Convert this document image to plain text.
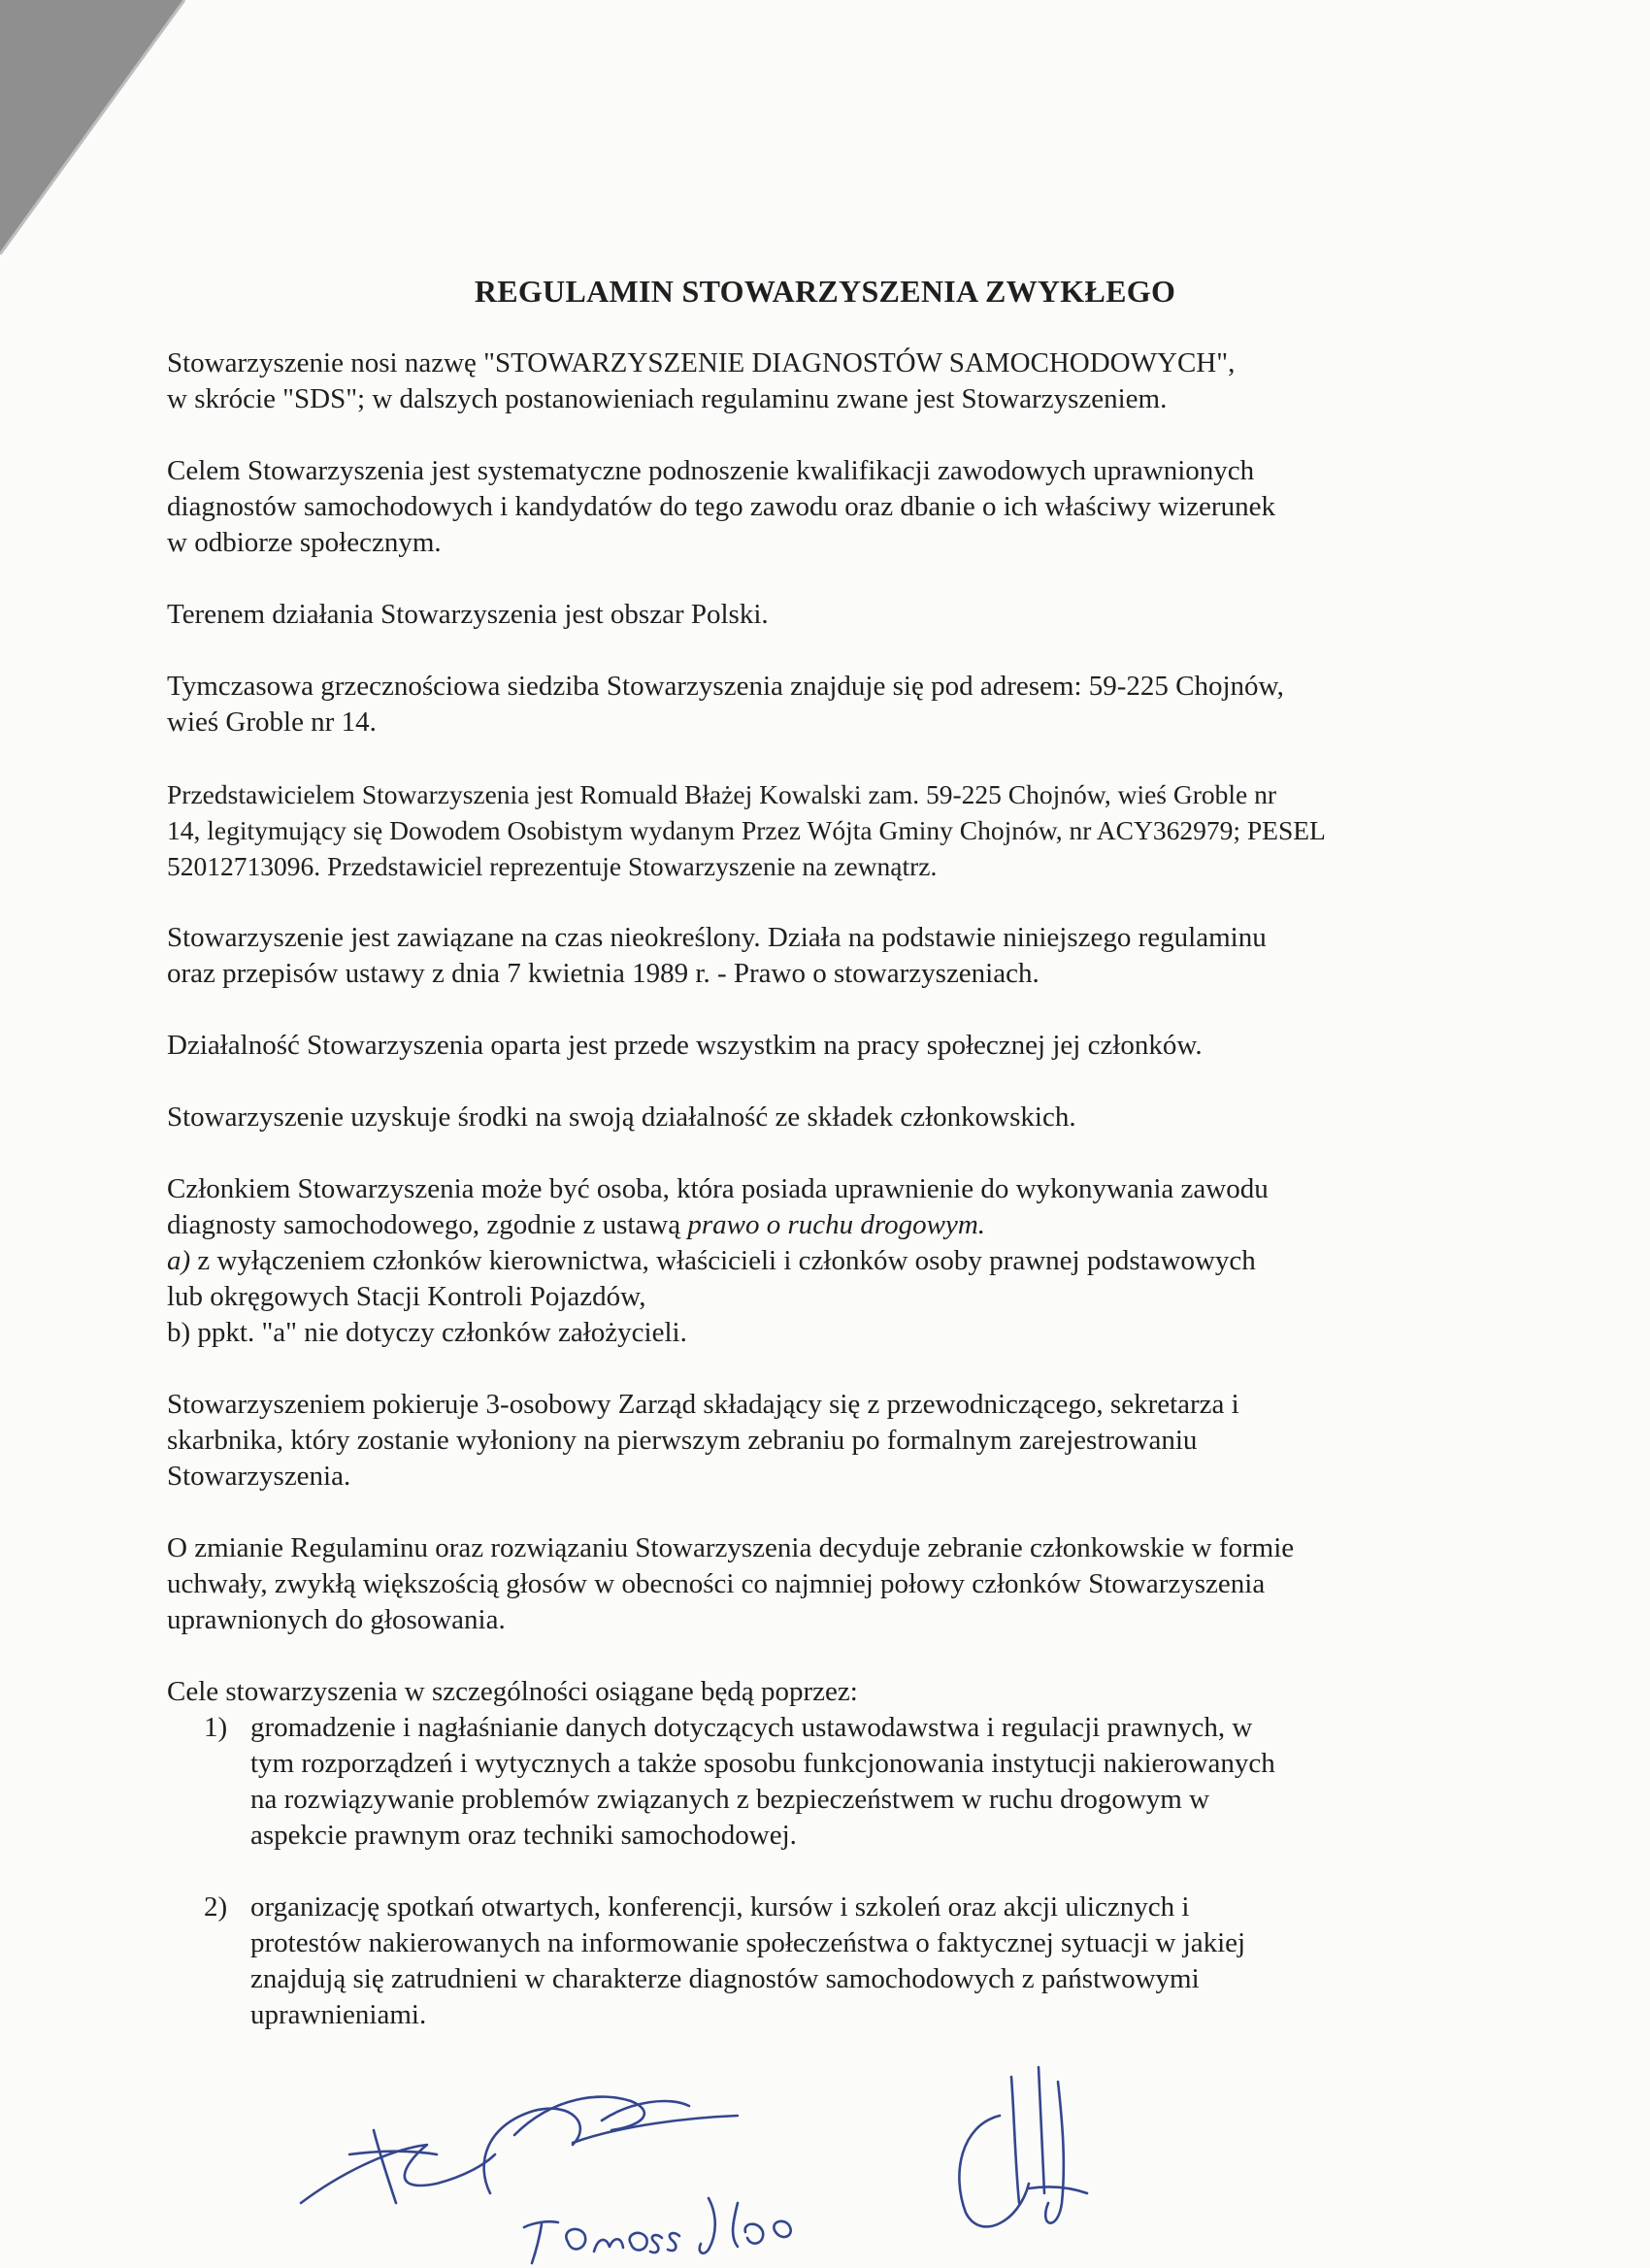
REGULAMIN STOWARZYSZENIA ZWYKŁEGO

Stowarzyszenie nosi nazwę "STOWARZYSZENIE DIAGNOSTÓW SAMOCHODOWYCH",
w skrócie "SDS"; w dalszych postanowieniach regulaminu zwane jest Stowarzyszeniem.

Celem Stowarzyszenia jest systematyczne podnoszenie kwalifikacji zawodowych uprawnionych
diagnostów samochodowych i kandydatów do tego zawodu oraz dbanie o ich właściwy wizerunek
w odbiorze społecznym.

Terenem działania Stowarzyszenia jest obszar Polski.

Tymczasowa grzecznościowa siedziba Stowarzyszenia znajduje się pod adresem: 59-225 Chojnów,
wieś Groble nr 14.

Przedstawicielem Stowarzyszenia jest Romuald Błażej Kowalski zam. 59-225 Chojnów, wieś Groble nr
14, legitymujący się Dowodem Osobistym wydanym Przez Wójta Gminy Chojnów, nr ACY362979; PESEL
52012713096. Przedstawiciel reprezentuje Stowarzyszenie na zewnątrz.

Stowarzyszenie jest zawiązane na czas nieokreślony. Działa na podstawie niniejszego regulaminu
oraz przepisów ustawy z dnia 7 kwietnia 1989 r. - Prawo o stowarzyszeniach.

Działalność Stowarzyszenia oparta jest przede wszystkim na pracy społecznej jej członków.

Stowarzyszenie uzyskuje środki na swoją działalność ze składek członkowskich.

Członkiem Stowarzyszenia może być osoba, która posiada uprawnienie do wykonywania zawodu
diagnosty samochodowego, zgodnie z ustawą prawo o ruchu drogowym.
a) z wyłączeniem członków kierownictwa, właścicieli i członków osoby prawnej podstawowych
lub okręgowych Stacji Kontroli Pojazdów,
b) ppkt. "a" nie dotyczy członków założycieli.

Stowarzyszeniem pokieruje 3-osobowy Zarząd składający się z przewodniczącego, sekretarza i
skarbnika, który zostanie wyłoniony na pierwszym zebraniu po formalnym zarejestrowaniu
Stowarzyszenia.

O zmianie Regulaminu oraz rozwiązaniu Stowarzyszenia decyduje zebranie członkowskie w formie
uchwały, zwykłą większością głosów w obecności co najmniej połowy członków Stowarzyszenia
uprawnionych do głosowania.

Cele stowarzyszenia w szczególności osiągane będą poprzez:

1) gromadzenie i nagłaśnianie danych dotyczących ustawodawstwa i regulacji prawnych, w
tym rozporządzeń i wytycznych a także sposobu funkcjonowania instytucji nakierowanych
na rozwiązywanie problemów związanych z bezpieczeństwem w ruchu drogowym w
aspekcie prawnym oraz techniki samochodowej.
2) organizację spotkań otwartych, konferencji, kursów i szkoleń oraz akcji ulicznych i
protestów nakierowanych na informowanie społeczeństwa o faktycznej sytuacji w jakiej
znajdują się zatrudnieni w charakterze diagnostów samochodowych z państwowymi
uprawnieniami.
